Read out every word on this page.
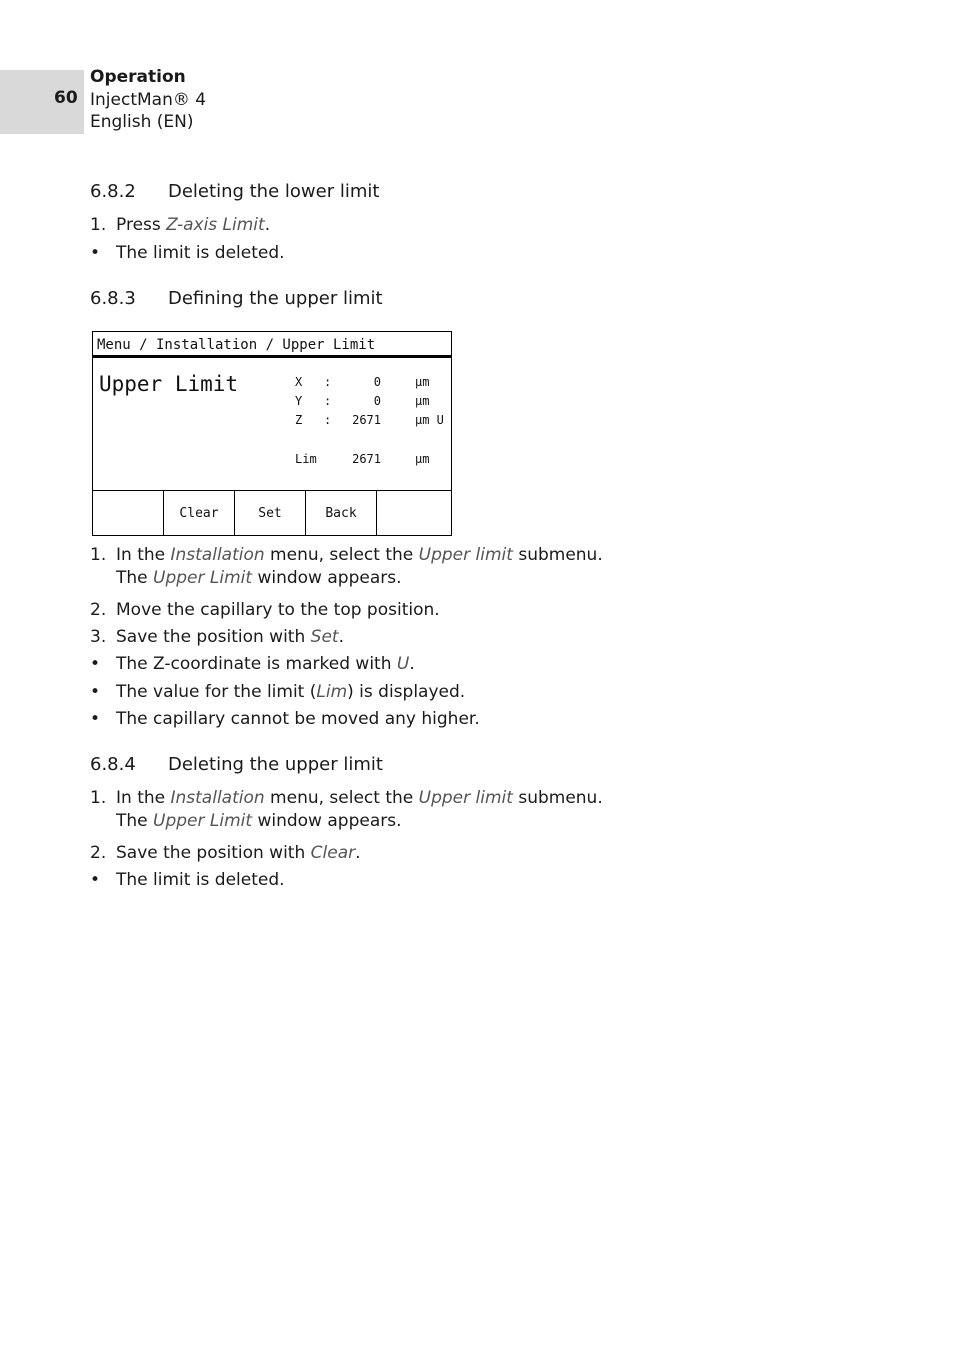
60
Operation
InjectMan® 4
English (EN)
6.8.2 Deleting the lower limit
1. Press Z-axis Limit.
• The limit is deleted.
6.8.3 Defining the upper limit
Menu / Installation / Upper Limit
Upper Limit	X :	0	µm
Y :	0	µm
Z :	2671	µm U
Lim	2671	µm
Clear	Set	Back
1. In the Installation menu, select the Upper limit submenu.
The Upper Limit window appears.
2. Move the capillary to the top position.
3. Save the position with Set.
• The Z-coordinate is marked with U.
• The value for the limit (Lim) is displayed.
• The capillary cannot be moved any higher.
6.8.4 Deleting the upper limit
1. In the Installation menu, select the Upper limit submenu.
The Upper Limit window appears.
2. Save the position with Clear.
• The limit is deleted.
